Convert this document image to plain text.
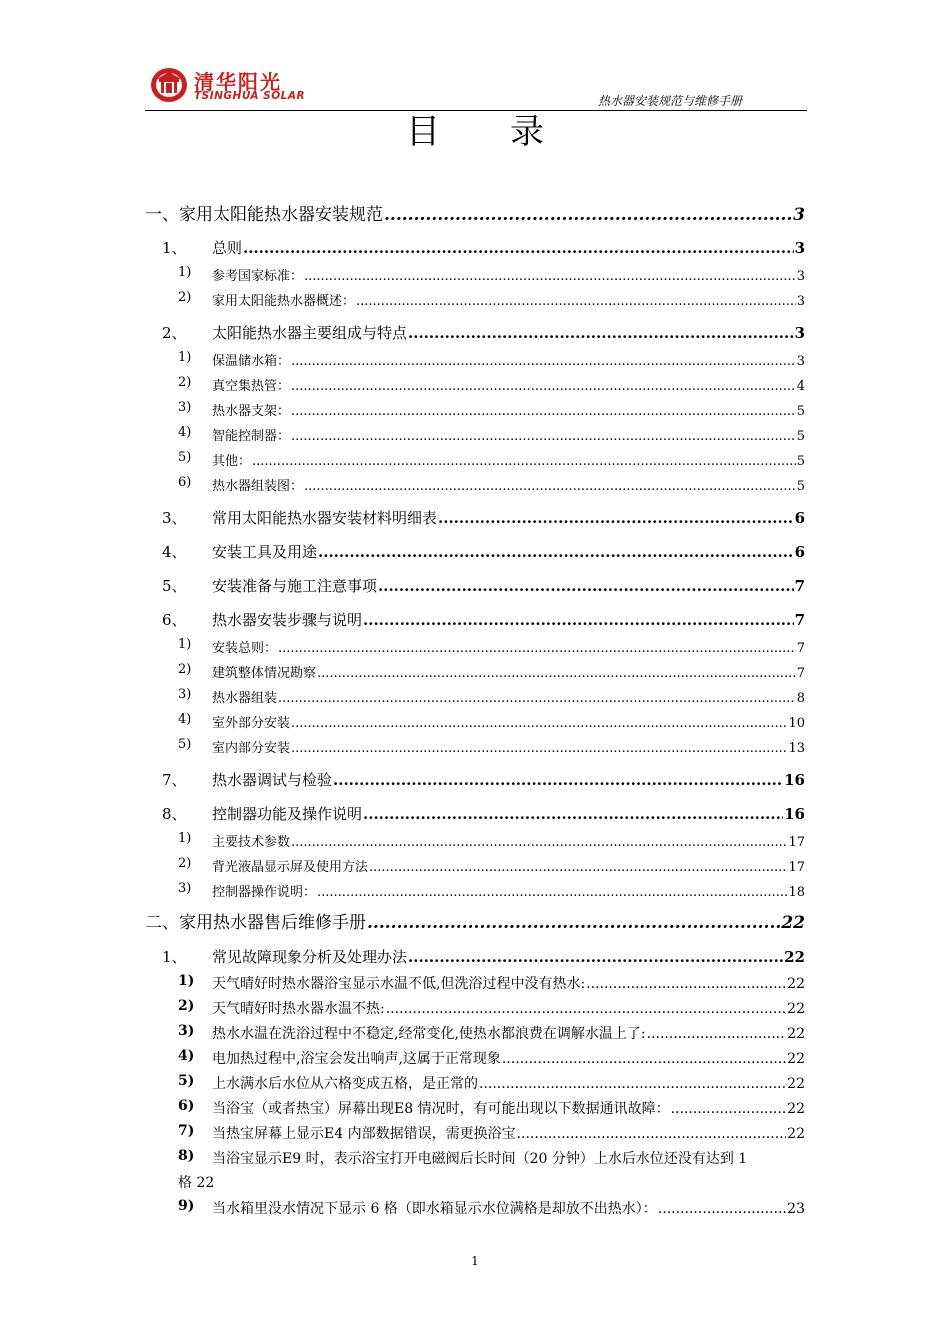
清华阳光
TSINGHUA SOLAR	热水器安装规范与维修手册
目录
一、家用太阳能热水器安装规范 .....	3
1、 总则 .....	3
1) 参考国家标准： .....	3
2) 家用太阳能热水器概述： .....	3
2、 太阳能热水器主要组成与特点 .....	3
1) 保温储水箱： .....	3
2) 真空集热管： .....	4
3) 热水器支架： .....	5
4) 智能控制器： .....	5
5) 其他： .....	5
6) 热水器组装图： .....	5
3、 常用太阳能热水器安装材料明细表 .....	6
4、 安装工具及用途 .....	6
5、 安装准备与施工注意事项 .....	7
6、 热水器安装步骤与说明 .....	7
1) 安装总则： .....	7
2) 建筑整体情况勘察 .....	7
3) 热水器组装 .....	8
4) 室外部分安装 .....	10
5) 室内部分安装 .....	13
7、 热水器调试与检验 .....	16
8、 控制器功能及操作说明 .....	16
1) 主要技术参数 .....	17
2) 背光液晶显示屏及使用方法 .....	17
3) 控制器操作说明： .....	18
二、家用热水器售后维修手册 .....	22
1、 常见故障现象分析及处理办法 .....	22
1) 天气晴好时热水器浴宝显示水温不低,但洗浴过程中没有热水: .....	22
2) 天气晴好时热水器水温不热: .....	22
3) 热水水温在洗浴过程中不稳定,经常变化,使热水都浪费在调解水温上了: .....	22
4) 电加热过程中,浴宝会发出响声,这属于正常现象 .....	22
5) 上水满水后水位从六格变成五格，是正常的 .....	22
6) 当浴宝（或者热宝）屏幕出现E8 情况时，有可能出现以下数据通讯故障： .....	22
7) 当热宝屏幕上显示E4 内部数据错误，需更换浴宝 .....	22
8) 当浴宝显示E9 时，表示浴宝打开电磁阀后长时间（20 分钟）上水后水位还没有达到 1
格 22
9) 当水箱里没水情况下显示 6 格（即水箱显示水位满格是却放不出热水）： .....	23
1
